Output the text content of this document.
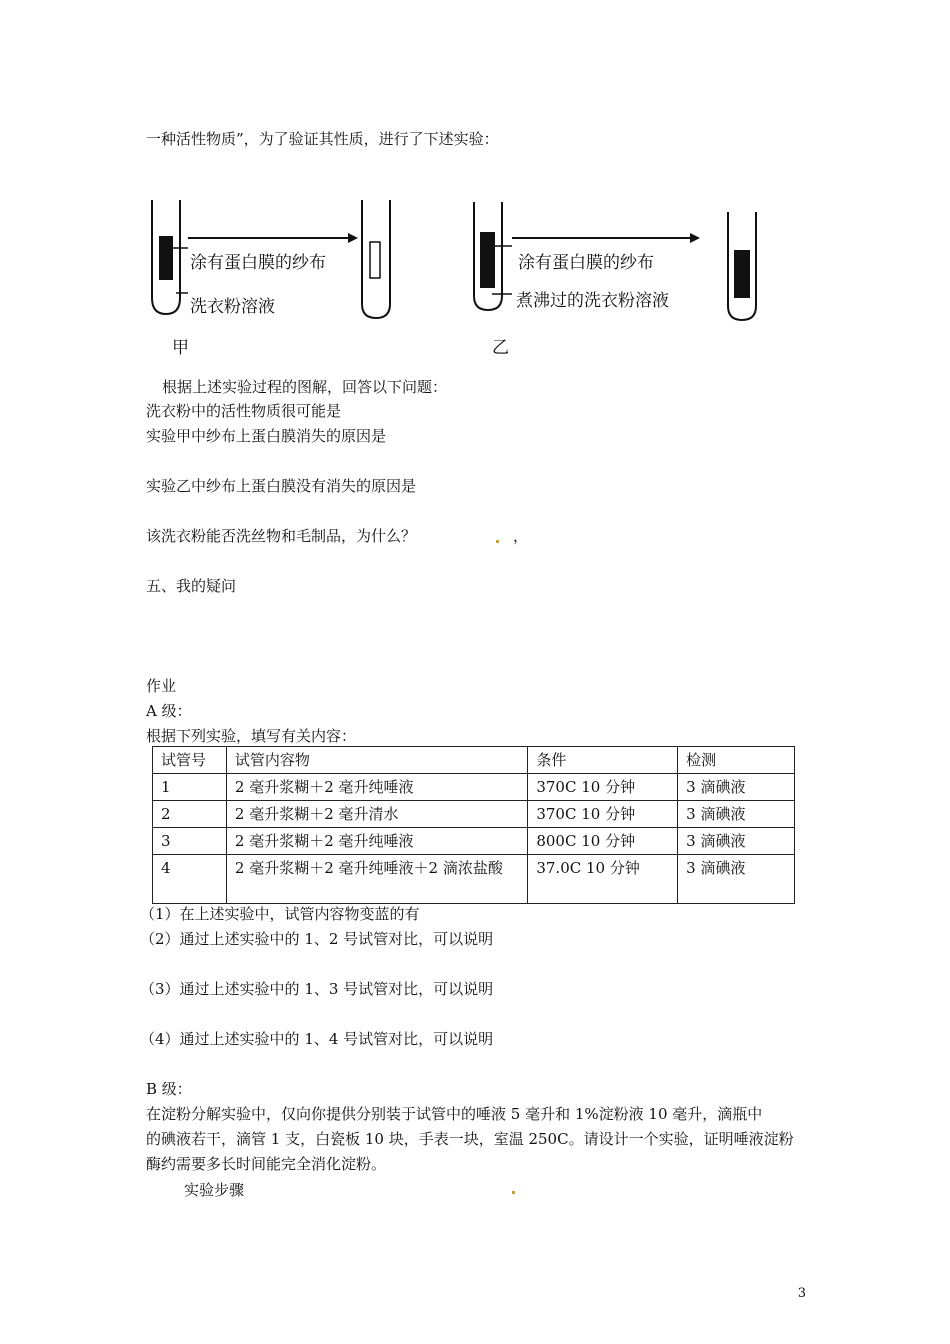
一种活性物质”，为了验证其性质，进行了下述实验：
涂有蛋白膜的纱布
洗衣粉溶液
甲
涂有蛋白膜的纱布
煮沸过的洗衣粉溶液
乙
根据上述实验过程的图解，回答以下问题：
洗衣粉中的活性物质很可能是
实验甲中纱布上蛋白膜消失的原因是
实验乙中纱布上蛋白膜没有消失的原因是
该洗衣粉能否洗丝物和毛制品，为什么？	，
五、我的疑问
作业
A 级：
根据下列实验，填写有关内容：
试管号	试管内容物	条件	检测
1	2 毫升浆糊＋2 毫升纯唾液	370C 10 分钟	3 滴碘液
2	2 毫升浆糊＋2 毫升清水	370C 10 分钟	3 滴碘液
3	2 毫升浆糊＋2 毫升纯唾液	800C 10 分钟	3 滴碘液
4	2 毫升浆糊＋2 毫升纯唾液＋2 滴浓盐酸	37.0C 10 分钟	3 滴碘液
（1）在上述实验中，试管内容物变蓝的有
（2）通过上述实验中的 1、2 号试管对比，可以说明
（3）通过上述实验中的 1、3 号试管对比，可以说明
（4）通过上述实验中的 1、4 号试管对比，可以说明
B 级：
在淀粉分解实验中，仅向你提供分别装于试管中的唾液 5 毫升和 1%淀粉液 10 毫升，滴瓶中
的碘液若干，滴管 1 支，白瓷板 10 块，手表一块，室温 250C。请设计一个实验，证明唾液淀粉
酶约需要多长时间能完全消化淀粉。
实验步骤
3
